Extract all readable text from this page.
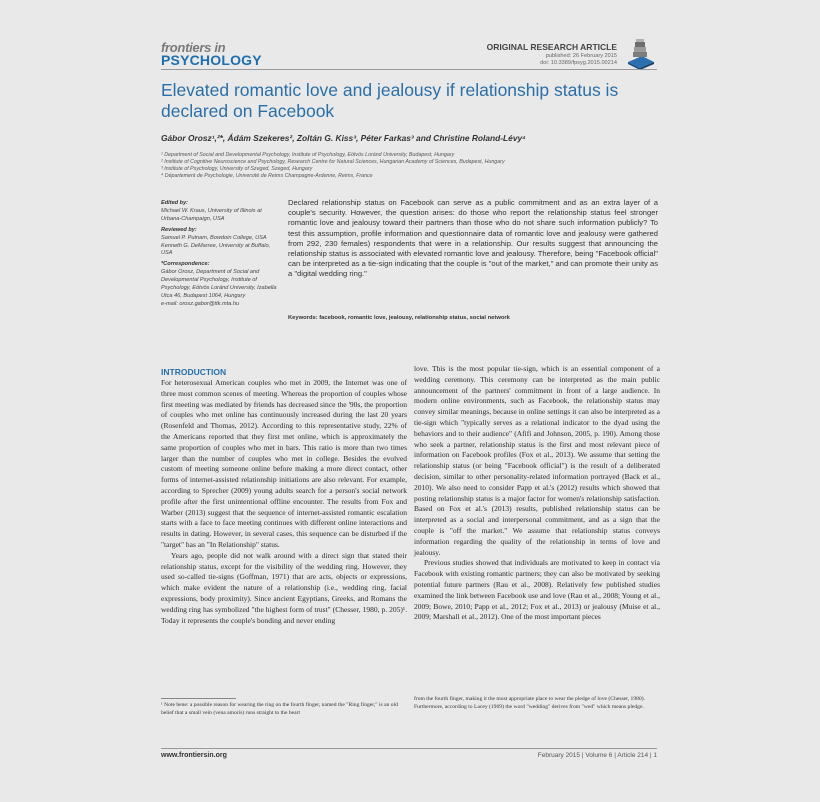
frontiers in
PSYCHOLOGY
ORIGINAL RESEARCH ARTICLE
published: 26 February 2015
doi: 10.3389/fpsyg.2015.00214
Elevated romantic love and jealousy if relationship status is declared on Facebook
Gábor Orosz¹,²*, Ádám Szekeres², Zoltán G. Kiss³, Péter Farkas³ and Christine Roland-Lévy⁴
¹ Department of Social and Developmental Psychology, Institute of Psychology, Eötvös Loránd University, Budapest, Hungary
² Institute of Cognitive Neuroscience and Psychology, Research Centre for Natural Sciences, Hungarian Academy of Sciences, Budapest, Hungary
³ Institute of Psychology, University of Szeged, Szeged, Hungary
⁴ Département de Psychologie, Université de Reims Champagne-Ardenne, Reims, France
Edited by:
Michael W. Kraus, University of Illinois at Urbana-Champaign, USA
Reviewed by:
Samuel P. Putnam, Bowdoin College, USA
Kenneth G. DeMarree, University at Buffalo, USA
*Correspondence:
Gábor Orosz, Department of Social and Developmental Psychology, Institute of Psychology, Eötvös Loránd University, Izabella Utca 46, Budapest 1064, Hungary
e-mail: orosz.gabor@ttk.mta.hu
Declared relationship status on Facebook can serve as a public commitment and as an extra layer of a couple's security. However, the question arises: do those who report the relationship status feel stronger romantic love and jealousy toward their partners than those who do not share such information publicly? To test this assumption, profile information and questionnaire data of romantic love and jealousy were gathered from 292, 230 females) respondents that were in a relationship. Our results suggest that announcing the relationship status is associated with elevated romantic love and jealousy. Therefore, being "Facebook official" can be interpreted as a tie-sign indicating that the couple is "out of the market," and can promote their unity as a "digital wedding ring."
Keywords: facebook, romantic love, jealousy, relationship status, social network
INTRODUCTION

For heterosexual American couples who met in 2009, the Internet was one of three most common scenes of meeting. Whereas the proportion of couples whose first meeting was mediated by friends has decreased since the '90s, the proportion of couples who met online has continuously increased during the last 20 years (Rosenfeld and Thomas, 2012). According to this representative study, 22% of the Americans reported that they first met online, which is approximately the same proportion of couples who met in bars. This ratio is more than two times larger than the number of couples who met in college. Besides the evolved custom of meeting someone online before making a more direct contact, other forms of internet-assisted relationship initiations are also relevant. For example, according to Sprecher (2009) young adults search for a person's social network profile after the first unintentional offline encounter. The results from Fox and Warber (2013) suggest that the sequence of internet-assisted romantic escalation starts with a face to face meeting continues with different online interactions and results in dating. However, in several cases, this sequence can be disturbed if the "target" has an "In Relationship" status.

Years ago, people did not walk around with a direct sign that stated their relationship status, except for the visibility of the wedding ring. However, they used so-called tie-signs (Goffman, 1971) that are acts, objects or expressions, which make evident the nature of a relationship (i.e., wedding ring, facial expressions, body proximity). Since ancient Egyptians, Greeks, and Romans the wedding ring has symbolized "the highest form of trust" (Chesser, 1980, p. 205)¹. Today it represents the couple's bonding and never ending

love. This is the most popular tie-sign, which is an essential component of a wedding ceremony. This ceremony can be interpreted as the main public announcement of the partners' commitment in front of a large audience. In modern online environments, such as Facebook, the relationship status may convey similar meanings, because in online settings it can also be interpreted as a tie-sign which "typically serves as a relational indicator to the dyad using the behaviors and to their audience" (Afifi and Johnson, 2005, p. 190). Among those who seek a partner, relationship status is the first and most relevant piece of information on Facebook profiles (Fox et al., 2013). We assume that setting the relationship status (or being "Facebook official") is the result of a deliberated decision, similar to other personality-related information portrayed (Back et al., 2010). We also need to consider Papp et al.'s (2012) results which showed that posting relationship status is a major factor for women's relationship satisfaction. Based on Fox et al.'s (2013) results, published relationship status can be interpreted as a social and interpersonal commitment, and as a sign that the couple is "off the market." We assume that relationship status conveys information regarding the quality of the relationship in terms of love and jealousy.

Previous studies showed that individuals are motivated to keep in contact via Facebook with existing romantic partners; they can also be motivated by seeking potential future partners (Rau et al., 2008). Relatively few published studies examined the link between Facebook use and love (Rau et al., 2008; Young et al., 2009; Bowe, 2010; Papp et al., 2012; Fox et al., 2013) or jealousy (Muise et al., 2009; Marshall et al., 2012). One of the most important pieces

¹ Note bene: a possible reason for wearing the ring on the fourth finger, named the "Ring finger," is an old belief that a small vein (vena amoris) runs straight to the heart
from the fourth finger, making it the most appropriate place to wear the pledge of love (Chesser, 1980). Furthermore, according to Lacey (1969) the word "wedding" derives from "wed" which means pledge.
www.frontiersin.org	February 2015 | Volume 6 | Article 214 | 1
